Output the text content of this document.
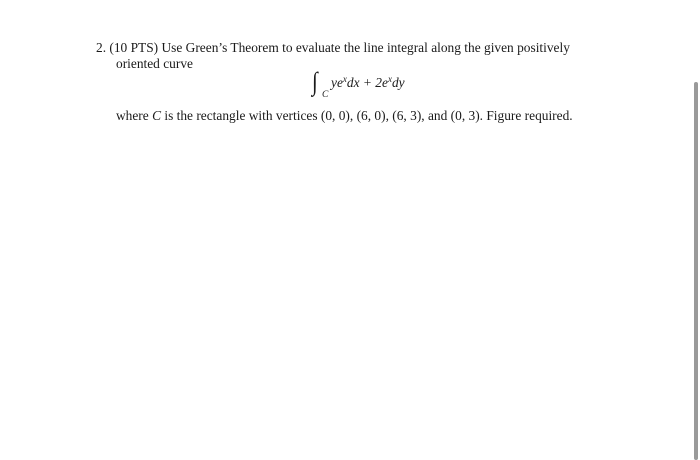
2. (10 PTS) Use Green’s Theorem to evaluate the line integral along the given positively
oriented curve
∫ C
$ye^xdx + 2e^xdy$
where C is the rectangle with vertices (0, 0), (6, 0), (6, 3), and (0, 3). Figure required.
